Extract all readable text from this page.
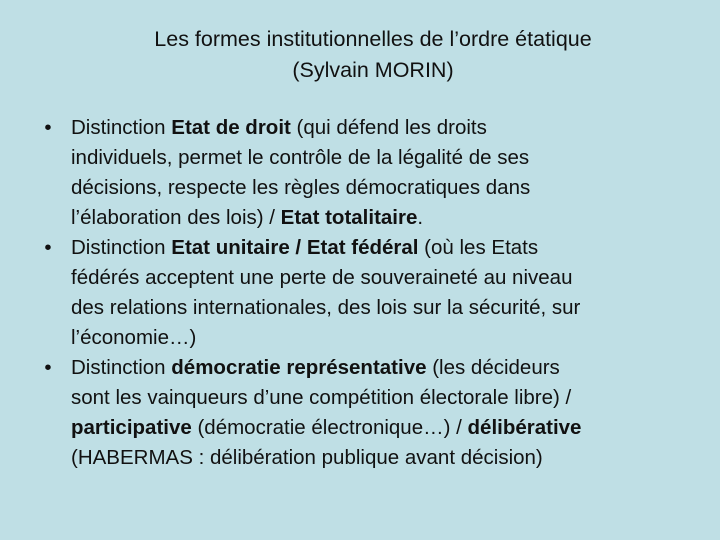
Les formes institutionnelles de l’ordre étatique
(Sylvain MORIN)
• Distinction Etat de droit (qui défend les droits
individuels, permet le contrôle de la légalité de ses
décisions, respecte les règles démocratiques dans
l’élaboration des lois) / Etat totalitaire.
• Distinction Etat unitaire / Etat fédéral (où les Etats
fédérés acceptent une perte de souveraineté au niveau
des relations internationales, des lois sur la sécurité, sur
l’économie…)
• Distinction démocratie représentative (les décideurs
sont les vainqueurs d’une compétition électorale libre) /
participative (démocratie électronique…) / délibérative
(HABERMAS : délibération publique avant décision)
